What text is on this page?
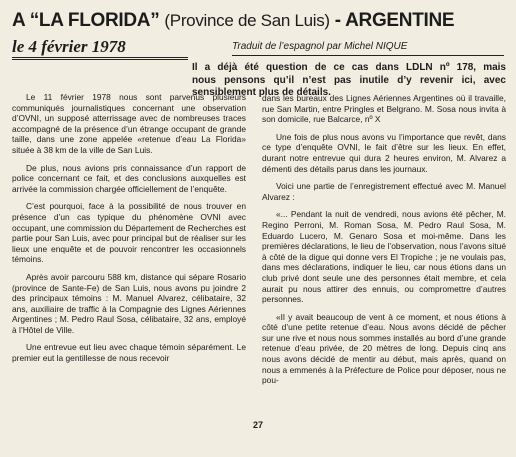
A “LA FLORIDA” (Province de San Luis) - ARGENTINE
le 4 février 1978	Traduit de l’espagnol par Michel NIQUE
Il a déjà été question de ce cas dans LDLN nº 178, mais
nous pensons qu’il n’est pas inutile d’y revenir ici, avec sensiblement plus de détails.

Le 11 février 1978 nous sont parvenus plusieurs communiqués journalistiques concernant une observation d’OVNI, un supposé atterrissage avec de nombreuses traces accompagné de la présence d’un étrange occupant de grande taille, dans une zone appelée «retenue d’eau La Florida» située à 38 km de la ville de San Luis.

De plus, nous avions pris connaissance d’un rapport de police concernant ce fait, et des conclusions auxquelles est arrivée la commission chargée officiellement de l’enquête.

C’est pourquoi, face à la possibilité de nous trouver en présence d’un cas typique du phénomène OVNI avec occupant, une commission du Département de Recherches est partie pour San Luis, avec pour principal but de réaliser sur les lieux une enquête et de pouvoir rencontrer les occasionnels témoins.

Après avoir parcouru 588 km, distance qui sépare Rosario (province de Sante-Fe) de San Luis, nous avons pu joindre 2 des principaux témoins : M. Manuel Alvarez, célibataire, 32 ans, auxiliaire de traffic à la Compagnie des Lignes Aériennes Argentines ; M. Pedro Raul Sosa, célibataire, 32 ans, employé à l’Hôtel de Ville.

Une entrevue eut lieu avec chaque témoin séparément. Le premier eut la gentillesse de nous recevoir

dans les bureaux des Lignes Aériennes Argentines où il travaille, rue San Martin, entre Pringles et Belgrano. M. Sosa nous invita à son domicile, rue Balcarce, nº X

Une fois de plus nous avons vu l’importance que revêt, dans ce type d’enquête OVNI, le fait d’être sur les lieux. En effet, durant notre entrevue qui dura 2 heures environ, M. Alvarez a démenti des détails parus dans les journaux.

Voici une partie de l’enregistrement effectué avec M. Manuel Alvarez :

«... Pendant la nuit de vendredi, nous avions été pêcher, M. Regino Perroni, M. Roman Sosa, M. Pedro Raul Sosa, M. Eduardo Lucero, M. Genaro Sosa et moi-même. Dans les premières déclarations, le lieu de l’observation, nous l’avons situé à côté de la digue qui donne vers El Tropiche ; je ne voulais pas, dans mes déclarations, indiquer le lieu, car nous étions dans un club privé dont seule une des personnes était membre, et cela aurait pu nous attirer des ennuis, ou compromettre d’autres personnes.

«Il y avait beaucoup de vent à ce moment, et nous étions à côté d’une petite retenue d’eau. Nous avons décidé de pêcher sur une rive et nous nous sommes installés au bord d’une grande retenue d’eau privée, de 20 mètres de long. Depuis cinq ans nous avons décidé de mentir au début, mais après, quand on nous a emmenés à la Préfecture de Police pour déposer, nous ne pou-

27
